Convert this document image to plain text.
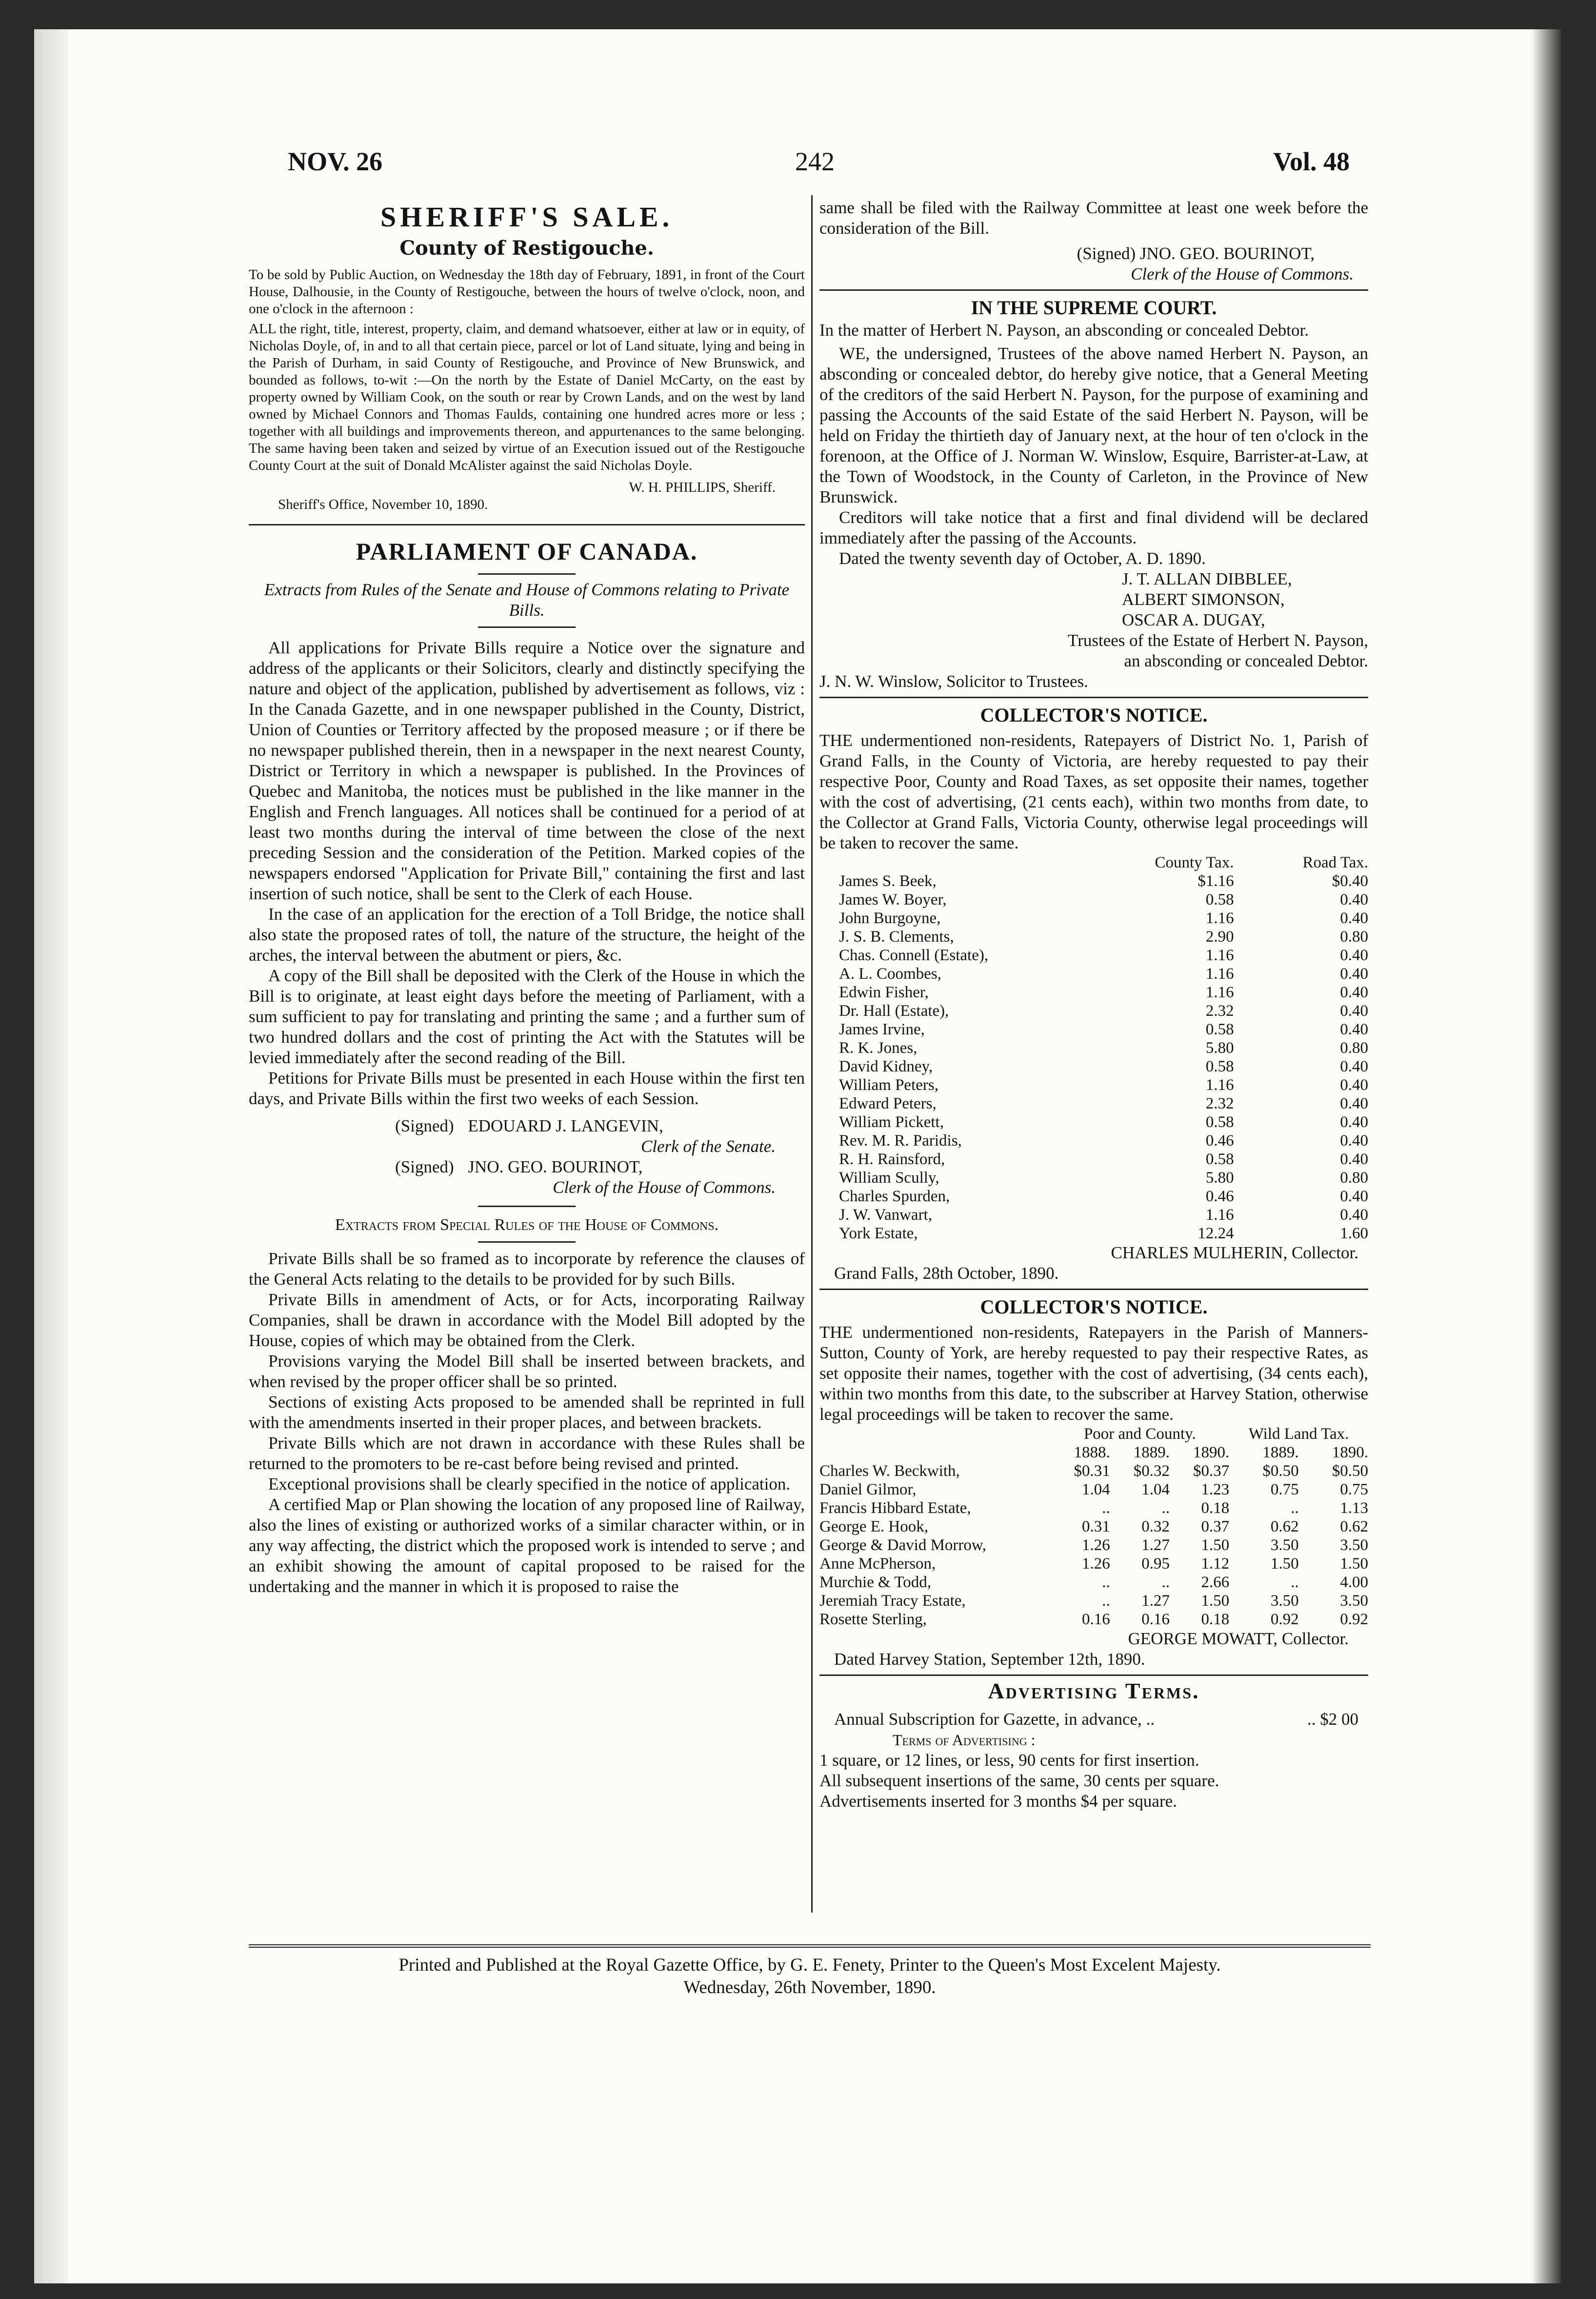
NOV. 26	242	Vol. 48
SHERIFF'S SALE.
County of Restigouche.

To be sold by Public Auction, on Wednesday the 18th day of February, 1891, in front of the Court House, Dalhousie, in the County of Restigouche, between the hours of twelve o'clock, noon, and one o'clock in the afternoon :

ALL the right, title, interest, property, claim, and demand whatsoever, either at law or in equity, of Nicholas Doyle, of, in and to all that certain piece, parcel or lot of Land situate, lying and being in the Parish of Durham, in said County of Restigouche, and Province of New Brunswick, and bounded as follows, to-wit :—On the north by the Estate of Daniel McCarty, on the east by property owned by William Cook, on the south or rear by Crown Lands, and on the west by land owned by Michael Connors and Thomas Faulds, containing one hundred acres more or less ; together with all buildings and improvements thereon, and appurtenances to the same belonging. The same having been taken and seized by virtue of an Execution issued out of the Restigouche County Court at the suit of Donald McAlister against the said Nicholas Doyle.

W. H. PHILLIPS, Sheriff.

Sheriff's Office, November 10, 1890.

PARLIAMENT OF CANADA.

Extracts from Rules of the Senate and House of Commons relating to Private Bills.

All applications for Private Bills require a Notice over the signature and address of the applicants or their Solicitors, clearly and distinctly specifying the nature and object of the application, published by advertisement as follows, viz : In the Canada Gazette, and in one newspaper published in the County, District, Union of Counties or Territory affected by the proposed measure ; or if there be no newspaper published therein, then in a newspaper in the next nearest County, District or Territory in which a newspaper is published. In the Provinces of Quebec and Manitoba, the notices must be published in the like manner in the English and French languages. All notices shall be continued for a period of at least two months during the interval of time between the close of the next preceding Session and the consideration of the Petition. Marked copies of the newspapers endorsed "Application for Private Bill," containing the first and last insertion of such notice, shall be sent to the Clerk of each House.

In the case of an application for the erection of a Toll Bridge, the notice shall also state the proposed rates of toll, the nature of the structure, the height of the arches, the interval between the abutment or piers, &c.

A copy of the Bill shall be deposited with the Clerk of the House in which the Bill is to originate, at least eight days before the meeting of Parliament, with a sum sufficient to pay for translating and printing the same ; and a further sum of two hundred dollars and the cost of printing the Act with the Statutes will be levied immediately after the second reading of the Bill.

Petitions for Private Bills must be presented in each House within the first ten days, and Private Bills within the first two weeks of each Session.

(Signed) EDOUARD J. LANGEVIN,

Clerk of the Senate.

(Signed) JNO. GEO. BOURINOT,

Clerk of the House of Commons.

Extracts from Special Rules of the House of Commons.

Private Bills shall be so framed as to incorporate by reference the clauses of the General Acts relating to the details to be provided for by such Bills.

Private Bills in amendment of Acts, or for Acts, incorporating Railway Companies, shall be drawn in accordance with the Model Bill adopted by the House, copies of which may be obtained from the Clerk.

Provisions varying the Model Bill shall be inserted between brackets, and when revised by the proper officer shall be so printed.

Sections of existing Acts proposed to be amended shall be reprinted in full with the amendments inserted in their proper places, and between brackets.

Private Bills which are not drawn in accordance with these Rules shall be returned to the promoters to be re-cast before being revised and printed.

Exceptional provisions shall be clearly specified in the notice of application.

A certified Map or Plan showing the location of any proposed line of Railway, also the lines of existing or authorized works of a similar character within, or in any way affecting, the district which the proposed work is intended to serve ; and an exhibit showing the amount of capital proposed to be raised for the undertaking and the manner in which it is proposed to raise the

same shall be filed with the Railway Committee at least one week before the consideration of the Bill.

(Signed) JNO. GEO. BOURINOT,

Clerk of the House of Commons.

IN THE SUPREME COURT.

In the matter of Herbert N. Payson, an absconding or concealed Debtor.

WE, the undersigned, Trustees of the above named Herbert N. Payson, an absconding or concealed debtor, do hereby give notice, that a General Meeting of the creditors of the said Herbert N. Payson, for the purpose of examining and passing the Accounts of the said Estate of the said Herbert N. Payson, will be held on Friday the thirtieth day of January next, at the hour of ten o'clock in the forenoon, at the Office of J. Norman W. Winslow, Esquire, Barrister-at-Law, at the Town of Woodstock, in the County of Carleton, in the Province of New Brunswick.

Creditors will take notice that a first and final dividend will be declared immediately after the passing of the Accounts.

Dated the twenty seventh day of October, A. D. 1890.

J. T. ALLAN DIBBLEE,

ALBERT SIMONSON,

OSCAR A. DUGAY,

Trustees of the Estate of Herbert N. Payson,

an absconding or concealed Debtor.

J. N. W. Winslow, Solicitor to Trustees.

COLLECTOR'S NOTICE.

THE undermentioned non-residents, Ratepayers of District No. 1, Parish of Grand Falls, in the County of Victoria, are hereby requested to pay their respective Poor, County and Road Taxes, as set opposite their names, together with the cost of advertising, (21 cents each), within two months from date, to the Collector at Grand Falls, Victoria County, otherwise legal proceedings will be taken to recover the same.

	County Tax.	Road Tax.
James S. Beek,	$1.16	$0.40
James W. Boyer,	0.58	0.40
John Burgoyne,	1.16	0.40
J. S. B. Clements,	2.90	0.80
Chas. Connell (Estate),	1.16	0.40
A. L. Coombes,	1.16	0.40
Edwin Fisher,	1.16	0.40
Dr. Hall (Estate),	2.32	0.40
James Irvine,	0.58	0.40
R. K. Jones,	5.80	0.80
David Kidney,	0.58	0.40
William Peters,	1.16	0.40
Edward Peters,	2.32	0.40
William Pickett,	0.58	0.40
Rev. M. R. Paridis,	0.46	0.40
R. H. Rainsford,	0.58	0.40
William Scully,	5.80	0.80
Charles Spurden,	0.46	0.40
J. W. Vanwart,	1.16	0.40
York Estate,	12.24	1.60

CHARLES MULHERIN, Collector.

Grand Falls, 28th October, 1890.

COLLECTOR'S NOTICE.

THE undermentioned non-residents, Ratepayers in the Parish of Manners-Sutton, County of York, are hereby requested to pay their respective Rates, as set opposite their names, together with the cost of advertising, (34 cents each), within two months from this date, to the subscriber at Harvey Station, otherwise legal proceedings will be taken to recover the same.

	Poor and County.			Wild Land Tax.	
	1888.	1889.	1890.	1889.	1890.
Charles W. Beckwith,	$0.31	$0.32	$0.37	$0.50	$0.50
Daniel Gilmor,	1.04	1.04	1.23	0.75	0.75
Francis Hibbard Estate,	..	..	0.18	..	1.13
George E. Hook,	0.31	0.32	0.37	0.62	0.62
George & David Morrow,	1.26	1.27	1.50	3.50	3.50
Anne McPherson,	1.26	0.95	1.12	1.50	1.50
Murchie & Todd,	..	..	2.66	..	4.00
Jeremiah Tracy Estate,	..	1.27	1.50	3.50	3.50
Rosette Sterling,	0.16	0.16	0.18	0.92	0.92

GEORGE MOWATT, Collector.

Dated Harvey Station, September 12th, 1890.

Advertising Terms.
Annual Subscription for Gazette, in advance, ..	.. $2 00

Terms of Advertising :

1 square, or 12 lines, or less, 90 cents for first insertion.

All subsequent insertions of the same, 30 cents per square.

Advertisements inserted for 3 months $4 per square.

Printed and Published at the Royal Gazette Office, by G. E. Fenety, Printer to the Queen's Most Excelent Majesty.

Wednesday, 26th November, 1890.
